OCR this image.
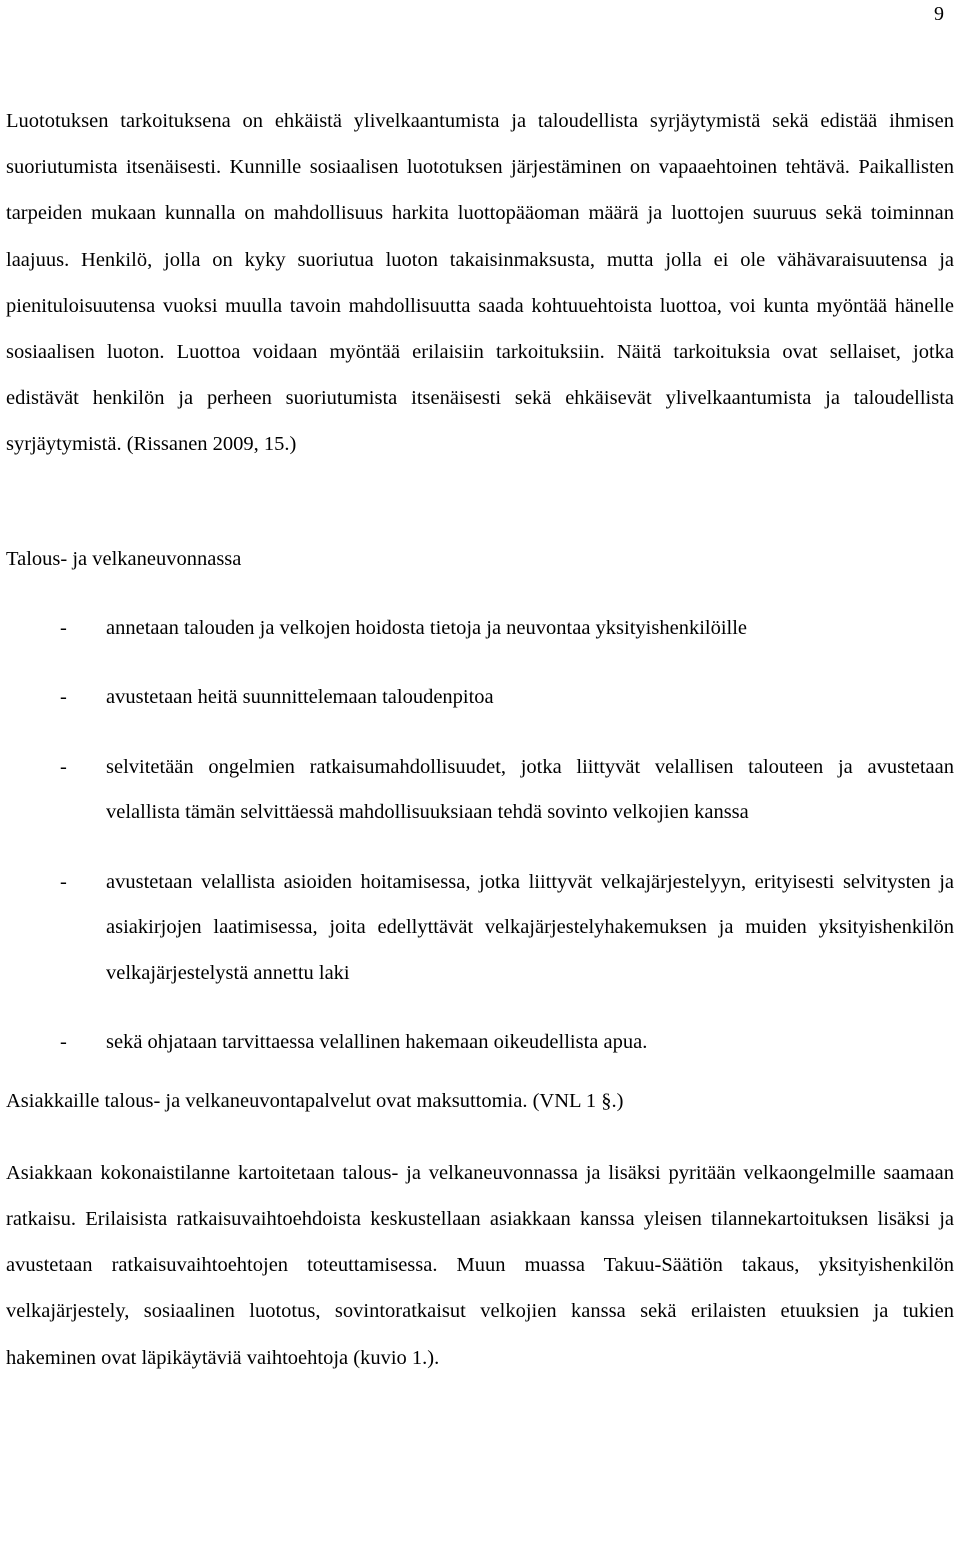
9

Luototuksen tarkoituksena on ehkäistä ylivelkaantumista ja taloudellista syrjäytymistä sekä edistää ihmisen suoriutumista itsenäisesti. Kunnille sosiaalisen luototuksen järjestäminen on vapaaehtoinen tehtävä. Paikallisten tarpeiden mukaan kunnalla on mahdollisuus harkita luottopääoman määrä ja luottojen suuruus sekä toiminnan laajuus. Henkilö, jolla on kyky suoriutua luoton takaisinmaksusta, mutta jolla ei ole vähävaraisuutensa ja pienituloisuutensa vuoksi muulla tavoin mahdollisuutta saada kohtuuehtoista luottoa, voi kunta myöntää hänelle sosiaalisen luoton. Luottoa voidaan myöntää erilaisiin tarkoituksiin. Näitä tarkoituksia ovat sellaiset, jotka edistävät henkilön ja perheen suoriutumista itsenäisesti sekä ehkäisevät ylivelkaantumista ja taloudellista syrjäytymistä. (Rissanen 2009, 15.)

Talous- ja velkaneuvonnassa

-	annetaan talouden ja velkojen hoidosta tietoja ja neuvontaa yksityishenkilöille
-	avustetaan heitä suunnittelemaan taloudenpitoa
-	selvitetään ongelmien ratkaisumahdollisuudet, jotka liittyvät velallisen talouteen ja avustetaan velallista tämän selvittäessä mahdollisuuksiaan tehdä sovinto velkojien kanssa
-	avustetaan velallista asioiden hoitamisessa, jotka liittyvät velkajärjestelyyn, erityisesti selvitysten ja asiakirjojen laatimisessa, joita edellyttävät velkajärjestelyhakemuksen ja muiden yksityishenkilön velkajärjestelystä annettu laki
-	sekä ohjataan tarvittaessa velallinen hakemaan oikeudellista apua.

Asiakkaille talous- ja velkaneuvontapalvelut ovat maksuttomia. (VNL 1 §.)

Asiakkaan kokonaistilanne kartoitetaan talous- ja velkaneuvonnassa ja lisäksi pyritään velkaongelmille saamaan ratkaisu. Erilaisista ratkaisuvaihtoehdoista keskustellaan asiakkaan kanssa yleisen tilannekartoituksen lisäksi ja avustetaan ratkaisuvaihtoehtojen toteuttamisessa. Muun muassa Takuu-Säätiön takaus, yksityishenkilön velkajärjestely, sosiaalinen luototus, sovintoratkaisut velkojien kanssa sekä erilaisten etuuksien ja tukien hakeminen ovat läpikäytäviä vaihtoehtoja (kuvio 1.).
